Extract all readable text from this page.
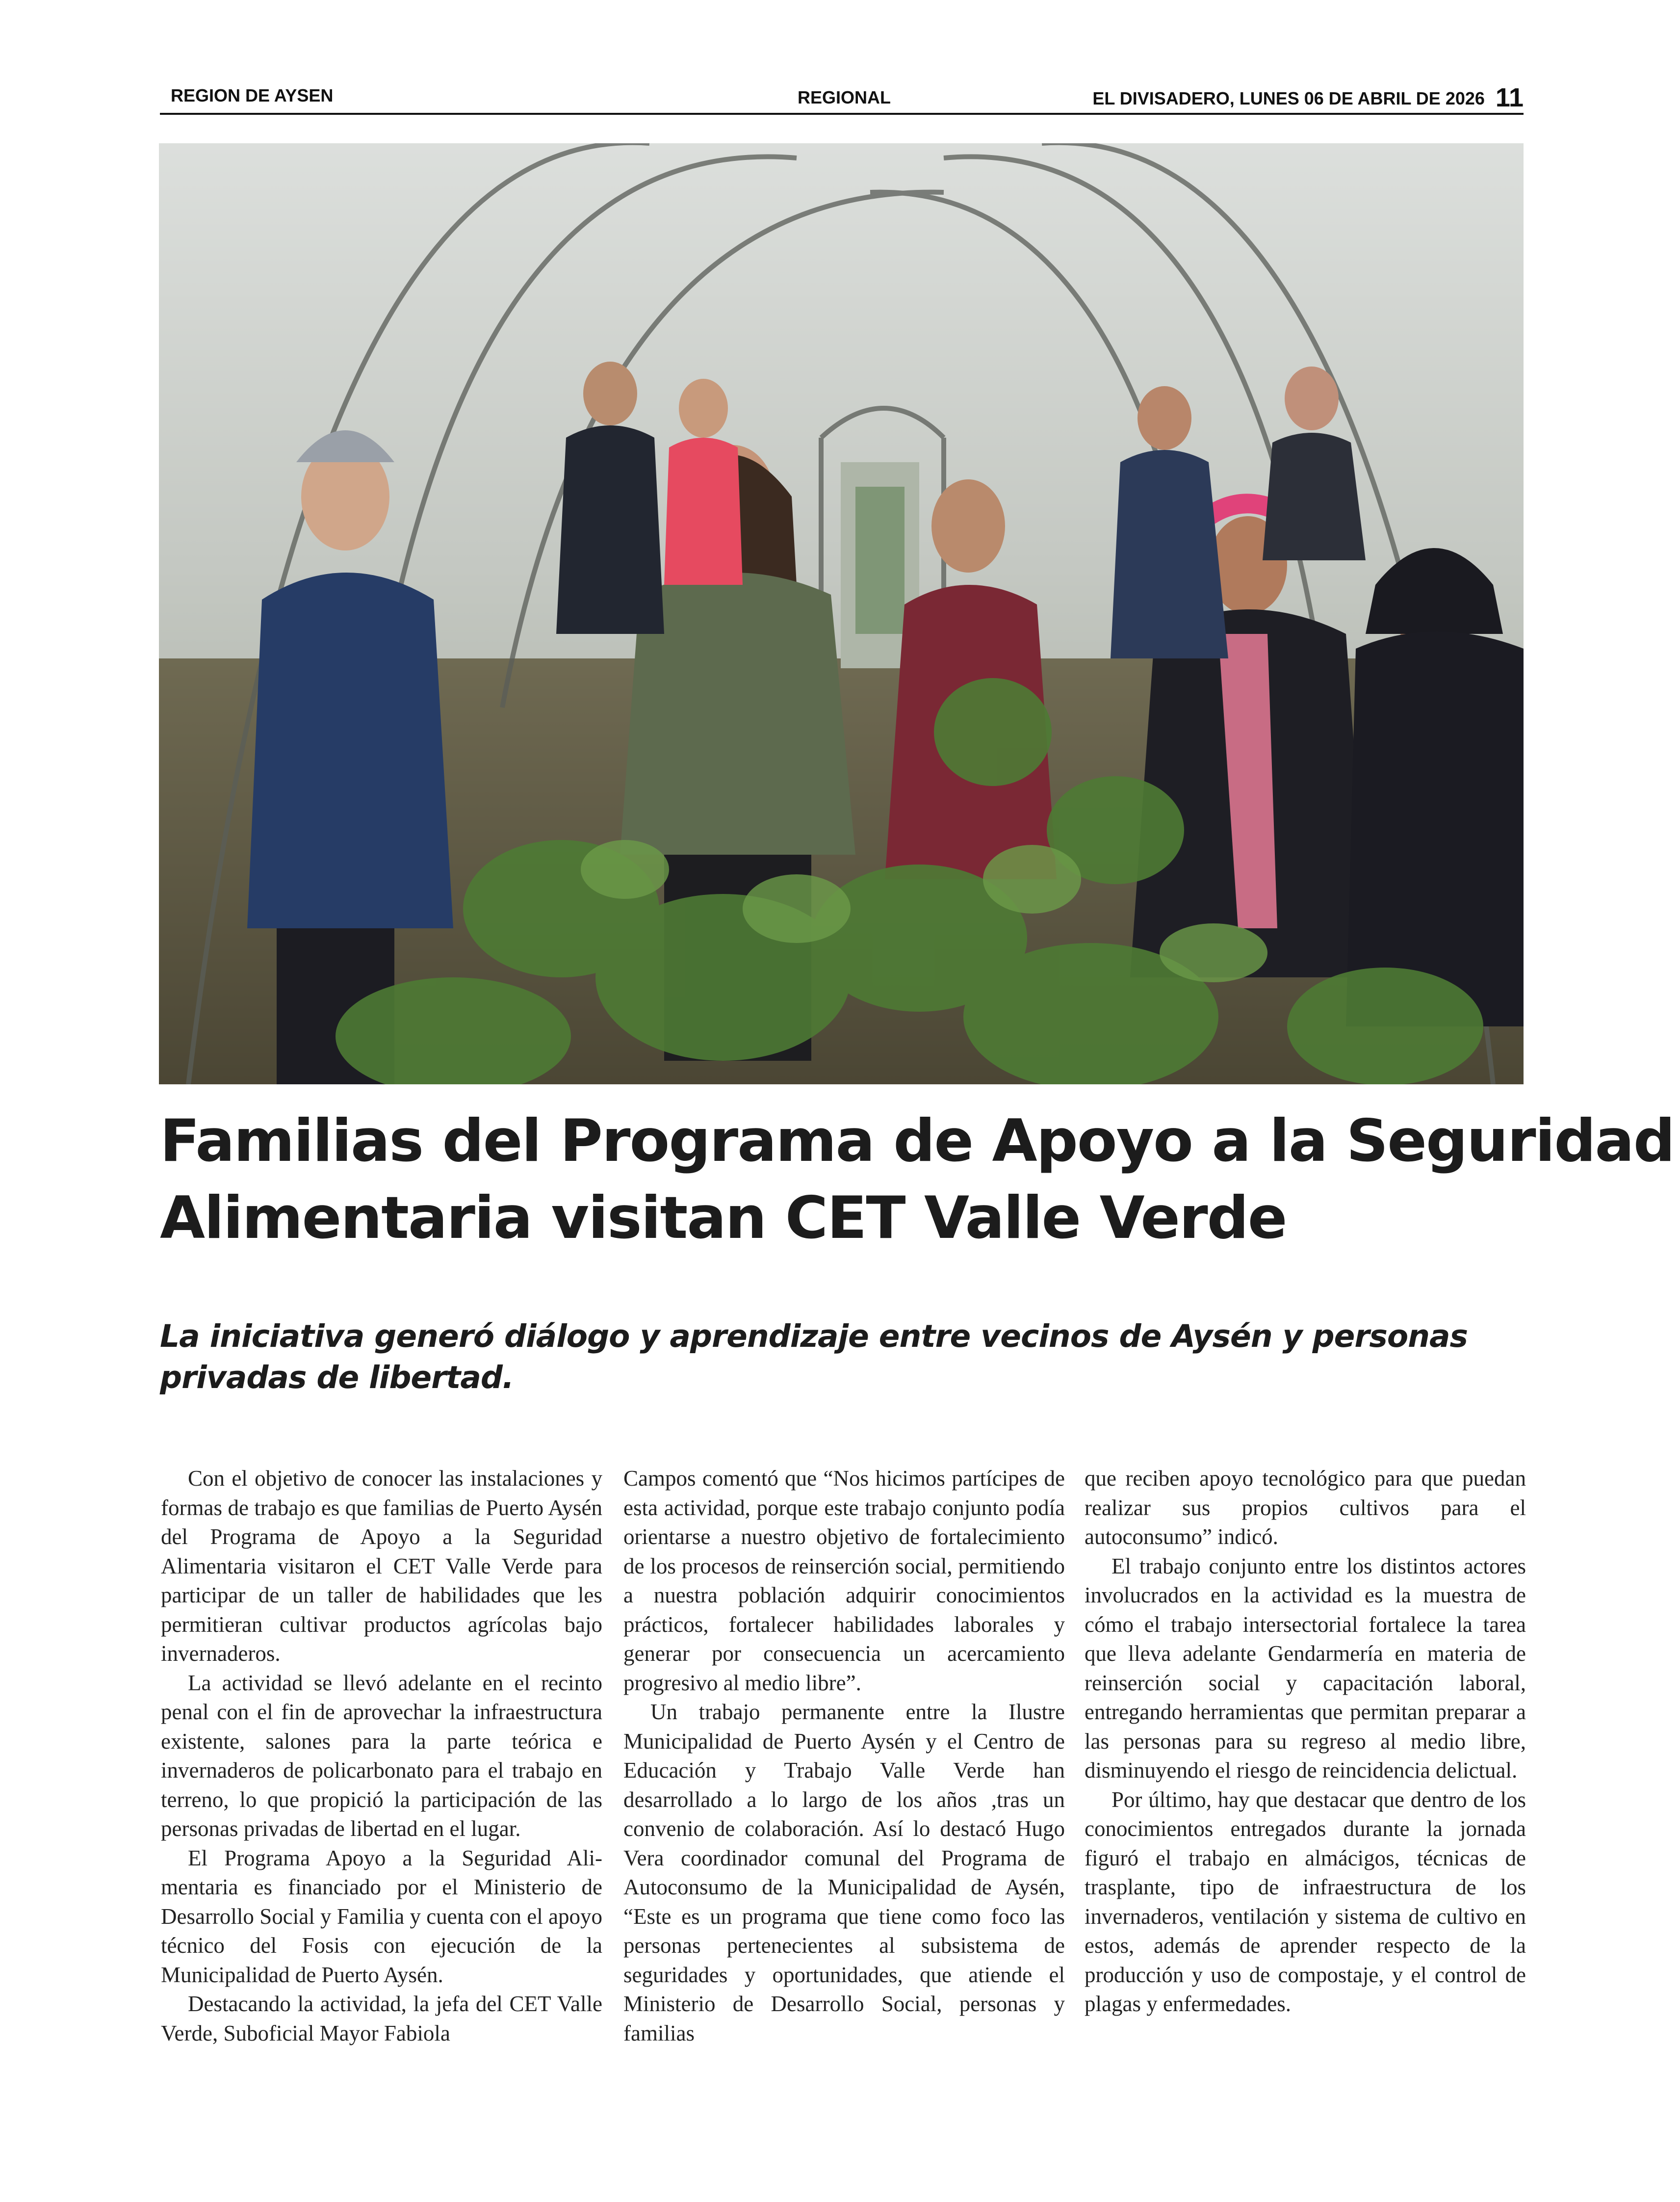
REGION DE AYSEN	REGIONAL	EL DIVISADERO, LUNES 06 DE ABRIL DE 2026 11
Familias del Programa de Apoyo a la Seguridad
Alimentaria visitan CET Valle Verde
La iniciativa generó diálogo y aprendizaje entre vecinos de Aysén y personas
privadas de libertad.

Con el objetivo de conocer las instalaciones y formas de trabajo es que familias de Puerto Aysén del Programa de Apoyo a la Seguridad Alimentaria visitaron el CET Valle Verde para participar de un taller de habilidades que les permitieran cultivar productos agrícolas bajo invernaderos.

La actividad se llevó adelante en el recinto penal con el fin de aprovechar la infraestructura existente, salones para la parte teórica e invernaderos de policarbonato para el trabajo en terreno, lo que propició la participación de las personas privadas de libertad en el lugar.

El Programa Apoyo a la Seguridad Alimentaria es financiado por el Ministerio de Desarrollo Social y Familia y cuenta con el apoyo técnico del Fosis con ejecución de la Municipalidad de Puerto Aysén.

Destacando la actividad, la jefa del CET Valle Verde, Suboficial Mayor Fabiola

Campos comentó que “Nos hicimos partícipes de esta actividad, porque este trabajo conjunto podía orientarse a nuestro objetivo de fortalecimiento de los procesos de reinserción social, permitiendo a nuestra población adquirir conocimientos prácticos, fortalecer habilidades laborales y generar por consecuencia un acercamiento progresivo al medio libre”.

Un trabajo permanente entre la Ilustre Municipalidad de Puerto Aysén y el Centro de Educación y Trabajo Valle Verde han desarrollado a lo largo de los años ,tras un convenio de colaboración. Así lo destacó Hugo Vera coordinador comunal del Programa de Autoconsumo de la Municipalidad de Aysén, “Este es un programa que tiene como foco las personas pertenecientes al subsistema de seguridades y oportunidades, que atiende el Ministerio de Desarrollo Social, personas y familias

que reciben apoyo tecnológico para que puedan realizar sus propios cultivos para el autoconsumo” indicó.

El trabajo conjunto entre los distintos actores involucrados en la actividad es la muestra de cómo el trabajo intersectorial fortalece la tarea que lleva adelante Gendarmería en materia de reinserción social y capacitación laboral, entregando herramientas que permitan preparar a las personas para su regreso al medio libre, disminuyendo el riesgo de reincidencia delictual.

Por último, hay que destacar que dentro de los conocimientos entregados durante la jornada figuró el trabajo en almácigos, técnicas de trasplante, tipo de infraestructura de los invernaderos, ventilación y sistema de cultivo en estos, además de aprender respecto de la producción y uso de compostaje, y el control de plagas y enfermedades.
